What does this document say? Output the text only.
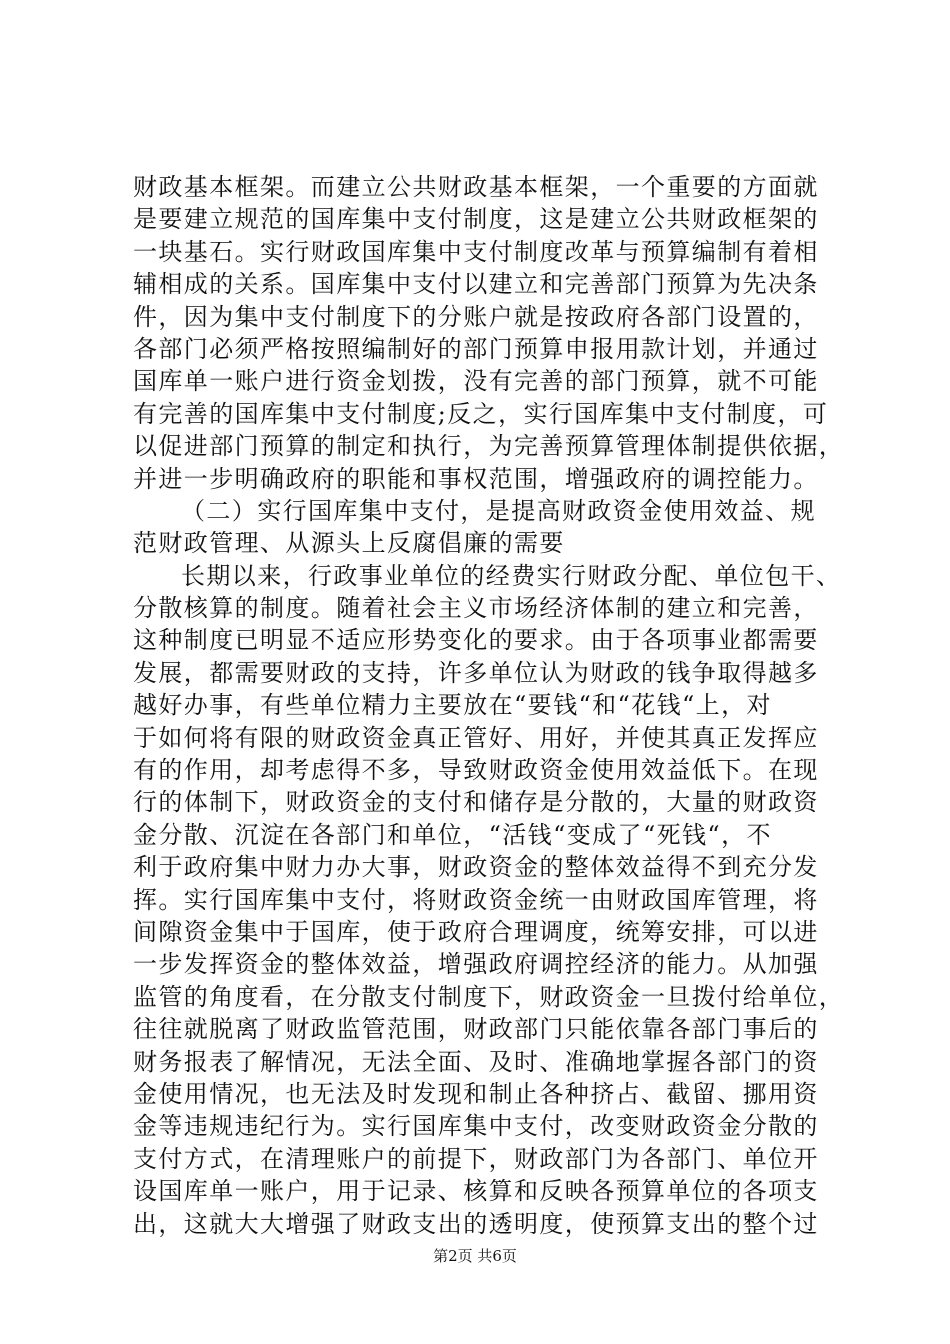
财政基本框架。而建立公共财政基本框架，一个重要的方面就
是要建立规范的国库集中支付制度，这是建立公共财政框架的
一块基石。实行财政国库集中支付制度改革与预算编制有着相
辅相成的关系。国库集中支付以建立和完善部门预算为先决条
件，因为集中支付制度下的分账户就是按政府各部门设置的，
各部门必须严格按照编制好的部门预算申报用款计划，并通过
国库单一账户进行资金划拨，没有完善的部门预算，就不可能
有完善的国库集中支付制度;反之，实行国库集中支付制度，可
以促进部门预算的制定和执行，为完善预算管理体制提供依据，
并进一步明确政府的职能和事权范围，增强政府的调控能力。
（二）实行国库集中支付，是提高财政资金使用效益、规
范财政管理、从源头上反腐倡廉的需要
长期以来，行政事业单位的经费实行财政分配、单位包干、
分散核算的制度。随着社会主义市场经济体制的建立和完善，
这种制度已明显不适应形势变化的要求。由于各项事业都需要
发展，都需要财政的支持，许多单位认为财政的钱争取得越多
越好办事，有些单位精力主要放在“要钱“和“花钱“上，对
于如何将有限的财政资金真正管好、用好，并使其真正发挥应
有的作用，却考虑得不多，导致财政资金使用效益低下。在现
行的体制下，财政资金的支付和储存是分散的，大量的财政资
金分散、沉淀在各部门和单位，“活钱“变成了“死钱“，不
利于政府集中财力办大事，财政资金的整体效益得不到充分发
挥。实行国库集中支付，将财政资金统一由财政国库管理，将
间隙资金集中于国库，使于政府合理调度，统筹安排，可以进
一步发挥资金的整体效益，增强政府调控经济的能力。从加强
监管的角度看，在分散支付制度下，财政资金一旦拨付给单位，
往往就脱离了财政监管范围，财政部门只能依靠各部门事后的
财务报表了解情况，无法全面、及时、准确地掌握各部门的资
金使用情况，也无法及时发现和制止各种挤占、截留、挪用资
金等违规违纪行为。实行国库集中支付，改变财政资金分散的
支付方式，在清理账户的前提下，财政部门为各部门、单位开
设国库单一账户，用于记录、核算和反映各预算单位的各项支
出，这就大大增强了财政支出的透明度，使预算支出的整个过
第2页 共6页
